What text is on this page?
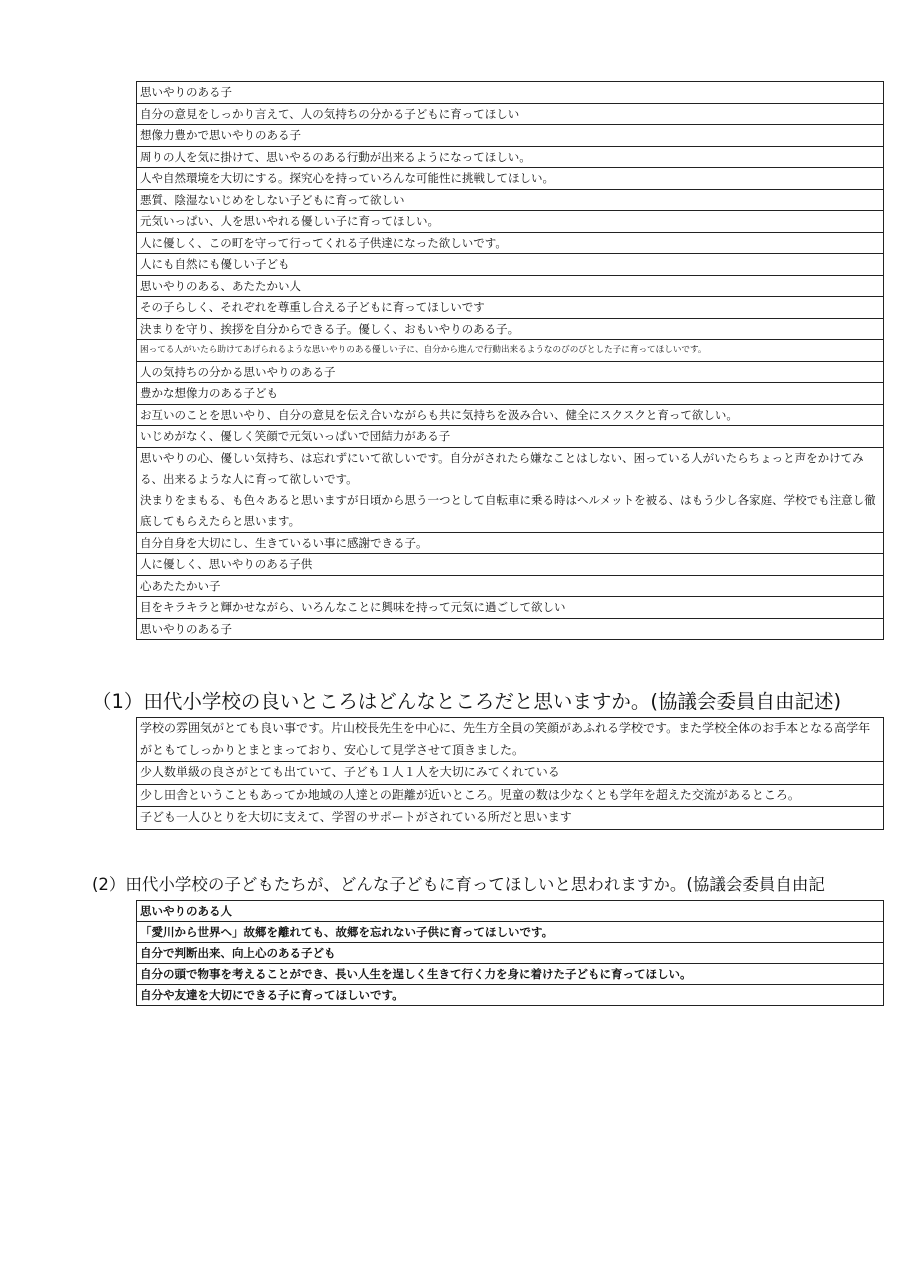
思いやりのある子
自分の意見をしっかり言えて、人の気持ちの分かる子どもに育ってほしい
想像力豊かで思いやりのある子
周りの人を気に掛けて、思いやるのある行動が出来るようになってほしい。
人や自然環境を大切にする。探究心を持っていろんな可能性に挑戦してほしい。
悪質、陰湿ないじめをしない子どもに育って欲しい
元気いっぱい、人を思いやれる優しい子に育ってほしい。
人に優しく、この町を守って行ってくれる子供達になった欲しいです。
人にも自然にも優しい子ども
思いやりのある、あたたかい人
その子らしく、それぞれを尊重し合える子どもに育ってほしいです
決まりを守り、挨拶を自分からできる子。優しく、おもいやりのある子。
困ってる人がいたら助けてあげられるような思いやりのある優しい子に、自分から進んで行動出来るようなのびのびとした子に育ってほしいです。
人の気持ちの分かる思いやりのある子
豊かな想像力のある子ども
お互いのことを思いやり、自分の意見を伝え合いながらも共に気持ちを汲み合い、健全にスクスクと育って欲しい。
いじめがなく、優しく笑顔で元気いっぱいで団結力がある子
思いやりの心、優しい気持ち、は忘れずにいて欲しいです。自分がされたら嫌なことはしない、困っている人がいたらちょっと声をかけてみる、出来るような人に育って欲しいです。
決まりをまもる、も色々あると思いますが日頃から思う一つとして自転車に乗る時はヘルメットを被る、はもう少し各家庭、学校でも注意し徹底してもらえたらと思います。
自分自身を大切にし、生きているい事に感謝できる子。
人に優しく、思いやりのある子供
心あたたかい子
目をキラキラと輝かせながら、いろんなことに興味を持って元気に過ごして欲しい
思いやりのある子
（1）田代小学校の良いところはどんなところだと思いますか。(協議会委員自由記述)
学校の雰囲気がとても良い事です。片山校長先生を中心に、先生方全員の笑顔があふれる学校です。また学校全体のお手本となる高学年がともてしっかりとまとまっており、安心して見学させて頂きました。
少人数単級の良さがとても出ていて、子ども１人１人を大切にみてくれている
少し田舎ということもあってか地域の人達との距離が近いところ。児童の数は少なくとも学年を超えた交流があるところ。
子ども一人ひとりを大切に支えて、学習のサポートがされている所だと思います
(2）田代小学校の子どもたちが、どんな子どもに育ってほしいと思われますか。(協議会委員自由記
思いやりのある人
「愛川から世界へ」故郷を離れても、故郷を忘れない子供に育ってほしいです。
自分で判断出来、向上心のある子ども
自分の頭で物事を考えることができ、長い人生を逞しく生きて行く力を身に着けた子どもに育ってほしい。
自分や友達を大切にできる子に育ってほしいです。
